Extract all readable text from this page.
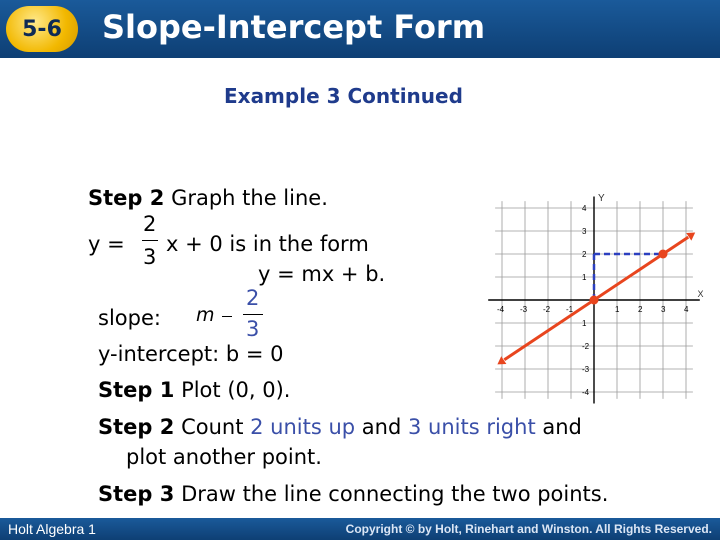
5-6	Slope-Intercept Form
Example 3 Continued
Step 2 Graph the line.
2
y =
3
x + 0 is in the form
y = mx + b.
slope: m
2
3
y-intercept: b = 0
Step 1 Plot (0, 0).
Step 2 Count 2 units up and 3 units right and
plot another point.
Step 3 Draw the line connecting the two points.
X
Y
-4 -3 -2 -1	1 2 3 4
4
3
2
1
1
-2
-3
-4
Holt Algebra 1	Copyright © by Holt, Rinehart and Winston. All Rights Reserved.
